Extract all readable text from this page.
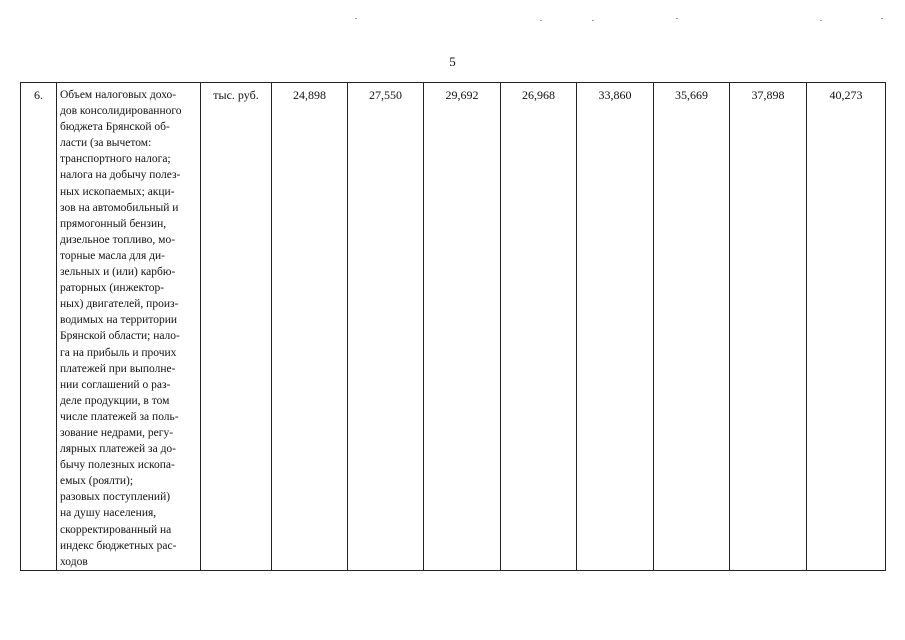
5
6.	Объем налоговых дохо-
дов консолидированного
бюджета Брянской об-
ласти (за вычетом:
транспортного налога;
налога на добычу полез-
ных ископаемых; акци-
зов на автомобильный и
прямогонный бензин,
дизельное топливо, мо-
торные масла для ди-
зельных и (или) карбю-
раторных (инжектор-
ных) двигателей, произ-
водимых на территории
Брянской области; нало-
га на прибыль и прочих
платежей при выполне-
нии соглашений о раз-
деле продукции, в том
числе платежей за поль-
зование недрами, регу-
лярных платежей за до-
бычу полезных ископа-
емых (роялти);
разовых поступлений)
на душу населения,
скорректированный на
индекс бюджетных рас-
ходов
	тыс. руб.	24,898	27,550	29,692	26,968	33,860	35,669	37,898	40,273
